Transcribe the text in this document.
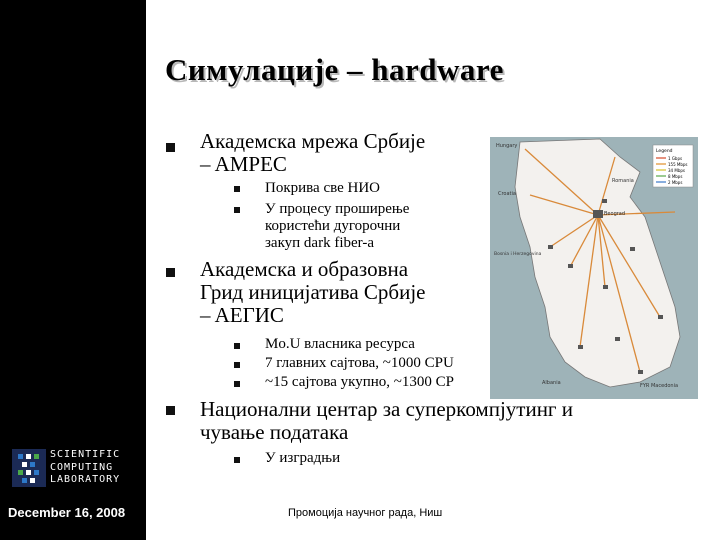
SCIENTIFIC
COMPUTING
LABORATORY
December 16, 2008
Симулације – hardware
Академска мрежа Србије
– AMPEC
Покрива све НИО
У процесу проширење
користећи дугорочни
закуп dark fiber-а
Академска и образовна
Грид иницијатива Србије
– AEГИС
Mo.U власника ресурса
7 главних сајтова, ~1000 CPU
~15 сајтова укупно, ~1300 CP
Hungary
Croatia
Romania
Beograd
Bosnia i Herzegovina
Albania	FYR Macedonia
Legend
1 Gbps
155 Mbps
34 Mbps
8 Mbps
2 Mbps
Национални центар за суперкомпјутинг и
чување података
У изградњи
Промоција научног рада, Ниш
